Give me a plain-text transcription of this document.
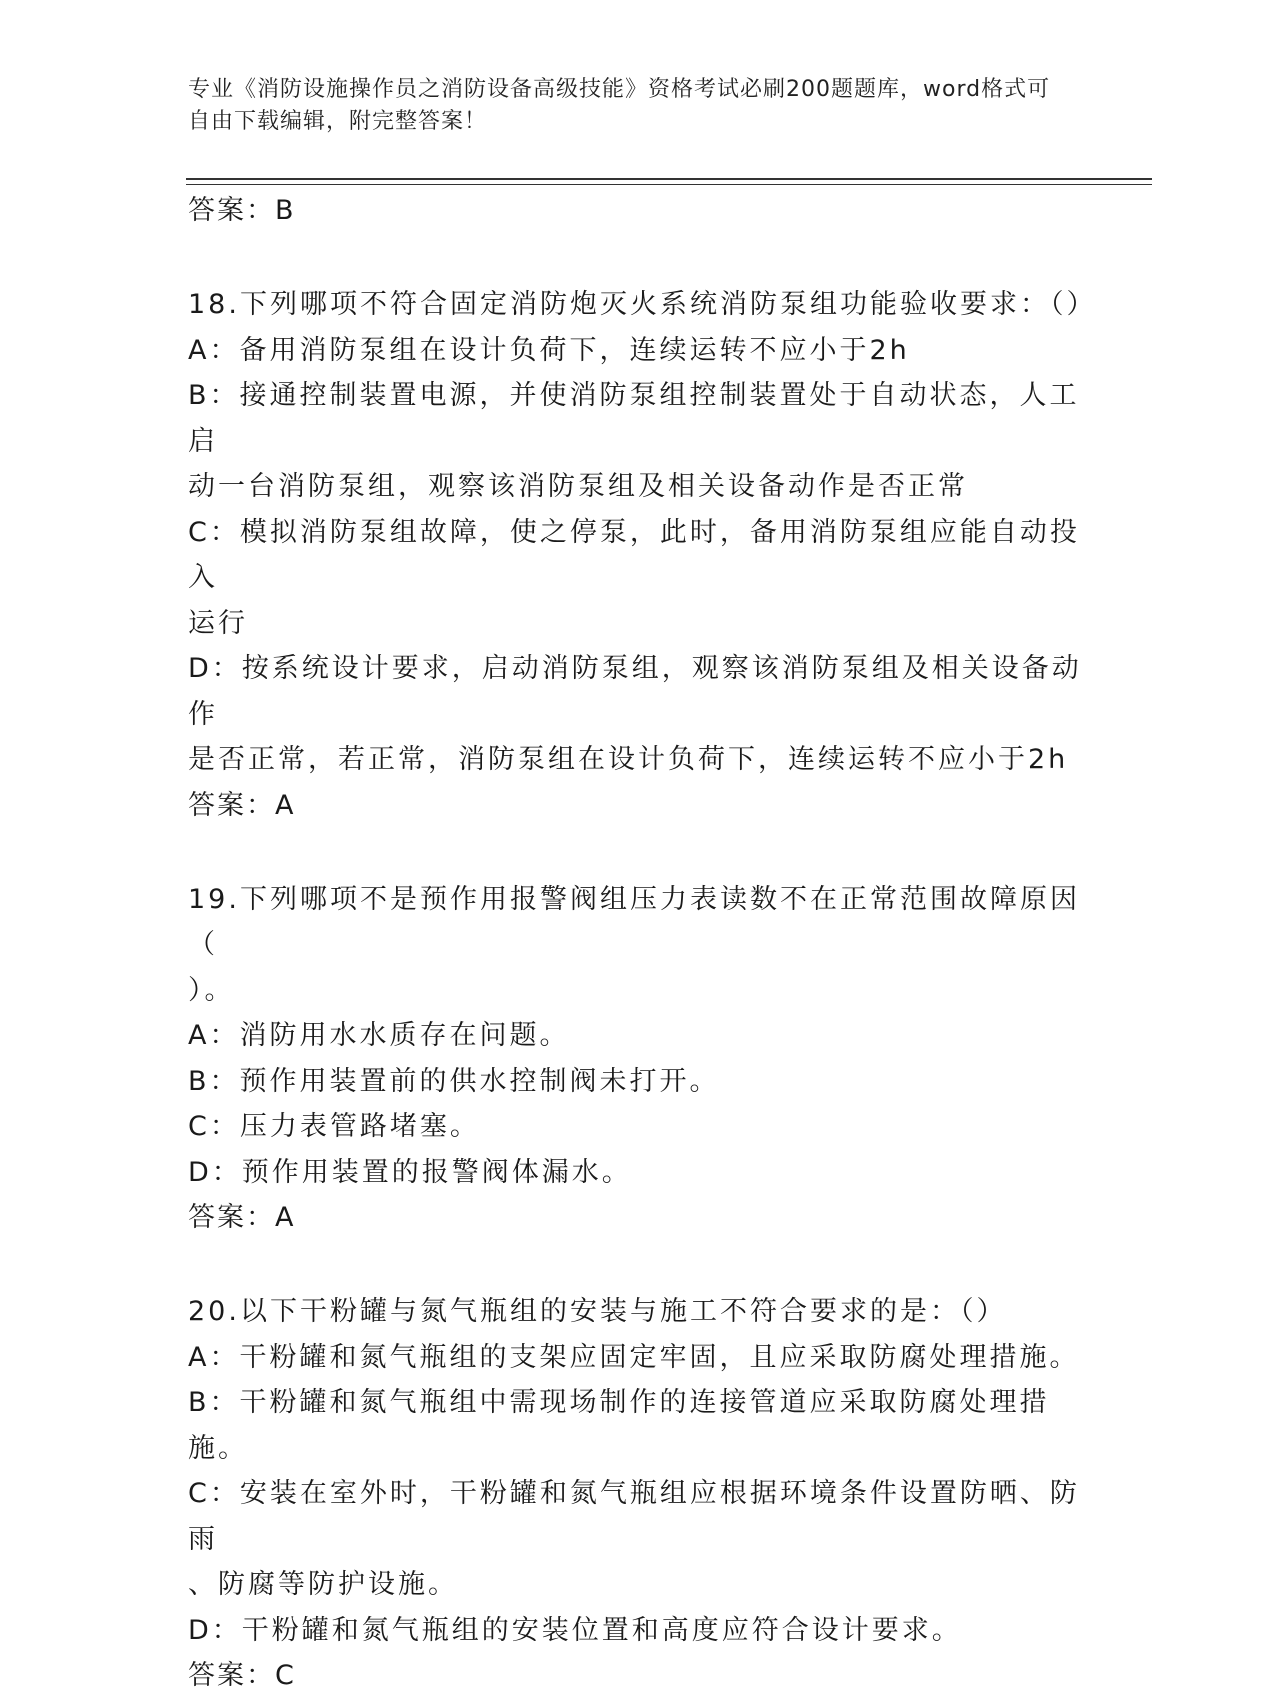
专业《消防设施操作员之消防设备高级技能》资格考试必刷200题题库，word格式可自由下载编辑，附完整答案！
答案：B
18.下列哪项不符合固定消防炮灭火系统消防泵组功能验收要求：（）
A：备用消防泵组在设计负荷下，连续运转不应小于2h
B：接通控制装置电源，并使消防泵组控制装置处于自动状态，人工启
动一台消防泵组，观察该消防泵组及相关设备动作是否正常
C：模拟消防泵组故障，使之停泵，此时，备用消防泵组应能自动投入
运行
D：按系统设计要求，启动消防泵组，观察该消防泵组及相关设备动作
是否正常，若正常，消防泵组在设计负荷下，连续运转不应小于2h
答案：A
19.下列哪项不是预作用报警阀组压力表读数不在正常范围故障原因（
）。
A：消防用水水质存在问题。
B：预作用装置前的供水控制阀未打开。
C：压力表管路堵塞。
D：预作用装置的报警阀体漏水。
答案：A
20.以下干粉罐与氮气瓶组的安装与施工不符合要求的是：（）
A：干粉罐和氮气瓶组的支架应固定牢固，且应采取防腐处理措施。
B：干粉罐和氮气瓶组中需现场制作的连接管道应采取防腐处理措施。
C：安装在室外时，干粉罐和氮气瓶组应根据环境条件设置防晒、防雨
、防腐等防护设施。
D：干粉罐和氮气瓶组的安装位置和高度应符合设计要求。
答案：C
